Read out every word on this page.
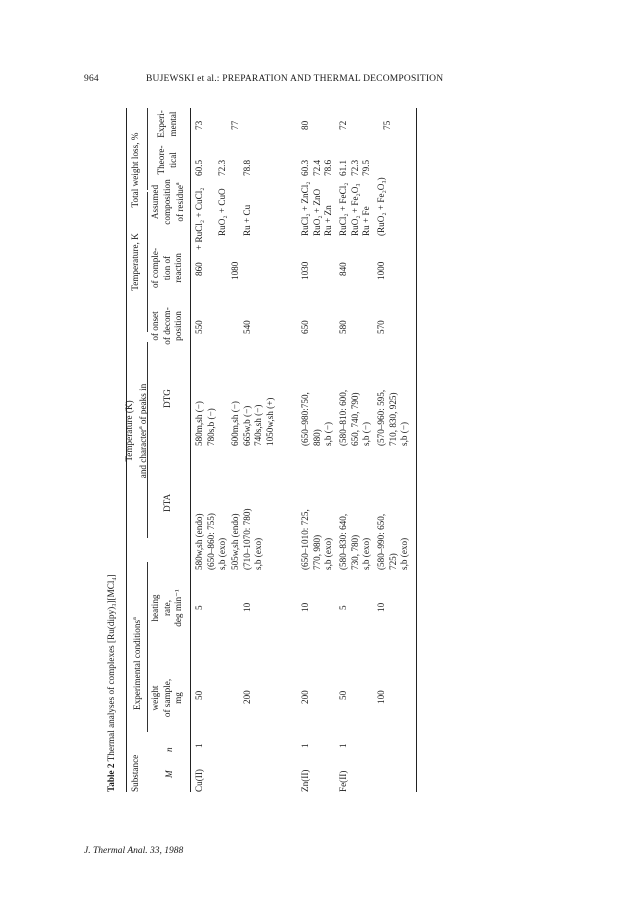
964	BUJEWSKI et al.: PREPARATION AND THERMAL DECOMPOSITION
Table 2 Thermal analyses of complexes [Ru(dipy)₃][MCl₄]
Substance
Experimental conditions$^a$
Temperature (K) and character$^a$ of peaks in
Temperature, K
Total weight loss, %
M
n
weight of sample, mg
heating rate, deg min⁻¹
DTA
DTG
of onset of decom- position
of comple- tion of reaction
Assumed composition of residue$^a$
Theore- tical
Experi- mental
Cu(II)
1
50
5
580w,sh (endo) (650–860: 755) s,b (exo)
580m,sh (−) 780s,b (−)
550
860
+ RuCl₂ + CuCl₂ RuO₂ + CuO
60.5 72.3
73
200
10
505w,sh (endo) (710–1070: 780) s,b (exo)
600m,sh (−) 665w,b (−) 740s,sh (−) 1050w,sh (+)
540
1080
Ru + Cu
78.8
77
Zn(II)
1
200
10
(650–1010: 725, 770, 980) s,b (exo)
(650–980:750, 880) s,b (−)
650
1030
RuCl₂ + ZnCl₂ RuO₂ + ZnO Ru + Zn
60.3 72.4 78.6
80
Fe(II)
1
50
5
(580–830: 640, 730, 780) s,b (exo)
(580–810: 600, 650, 740, 790) s,b (−)
580
840
RuCl₂ + FeCl₂ RuO₂ + Fe₂O₃ Ru + Fe
61.1 72.3 79.5
72
100
10
(580–990: 650, 725) s,b (exo)
(570–960: 595, 710, 830, 925) s,b (−)
570
1000
(RuO₂ + Fe₂O₃)
75
J. Thermal Anal. 33, 1988
